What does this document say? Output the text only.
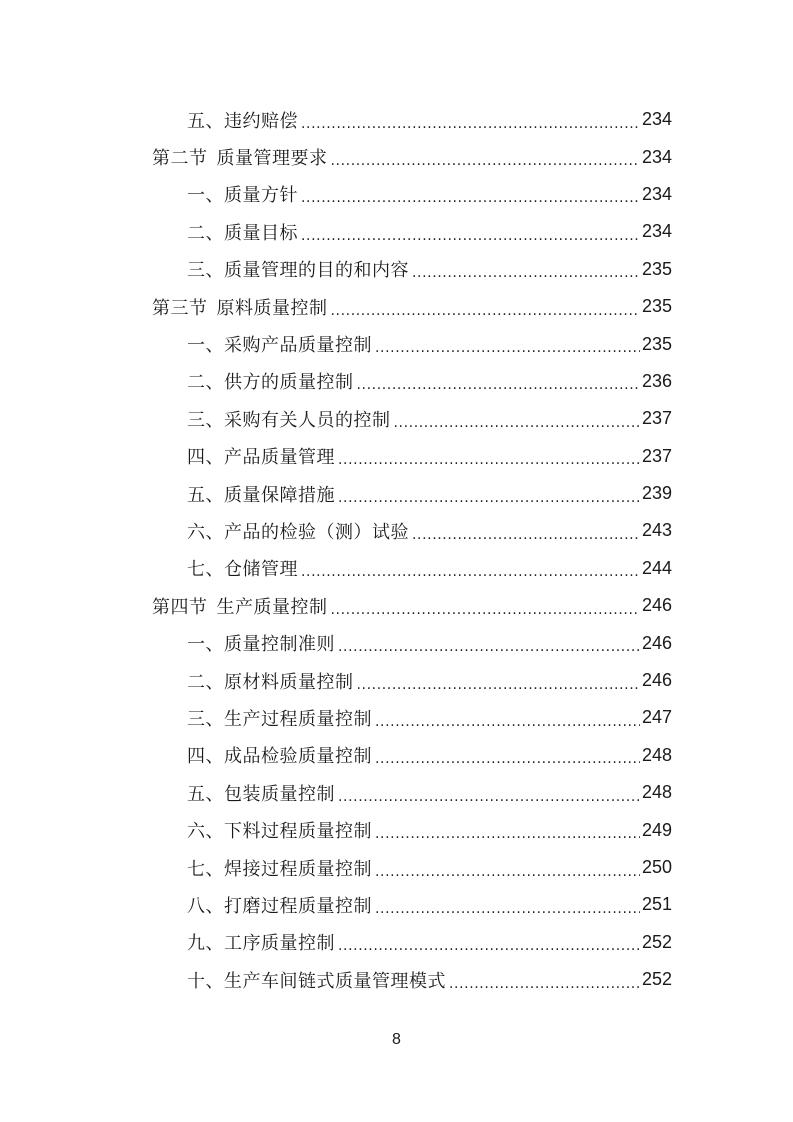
五、违约赔偿 .....	234
第二节 质量管理要求 .....	234
一、质量方针 .....	234
二、质量目标 .....	234
三、质量管理的目的和内容 .....	235
第三节 原料质量控制 .....	235
一、采购产品质量控制 .....	235
二、供方的质量控制 .....	236
三、采购有关人员的控制 .....	237
四、产品质量管理 .....	237
五、质量保障措施 .....	239
六、产品的检验（测）试验 .....	243
七、仓储管理 .....	244
第四节 生产质量控制 .....	246
一、质量控制准则 .....	246
二、原材料质量控制 .....	246
三、生产过程质量控制 .....	247
四、成品检验质量控制 .....	248
五、包装质量控制 .....	248
六、下料过程质量控制 .....	249
七、焊接过程质量控制 .....	250
八、打磨过程质量控制 .....	251
九、工序质量控制 .....	252
十、生产车间链式质量管理模式 .....	252
8
